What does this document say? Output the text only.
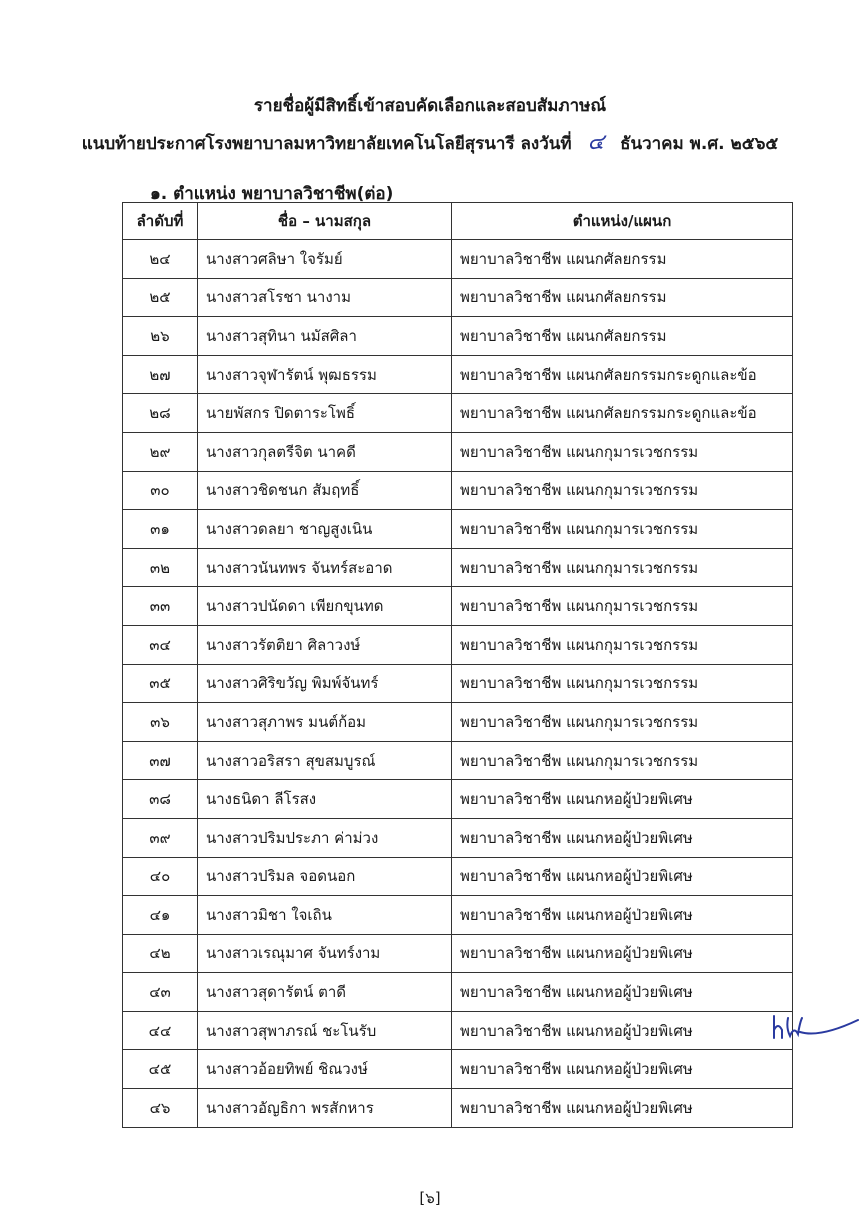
รายชื่อผู้มีสิทธิ์เข้าสอบคัดเลือกและสอบสัมภาษณ์
แนบท้ายประกาศโรงพยาบาลมหาวิทยาลัยเทคโนโลยีสุรนารี ลงวันที่ ๔ ธันวาคม พ.ศ. ๒๕๖๕
๑. ตำแหน่ง พยาบาลวิชาชีพ(ต่อ)
ลำดับที่	ชื่อ – นามสกุล	ตำแหน่ง/แผนก
๒๔	นางสาวศลิษา ใจรัมย์	พยาบาลวิชาชีพ แผนกศัลยกรรม
๒๕	นางสาวสโรชา นางาม	พยาบาลวิชาชีพ แผนกศัลยกรรม
๒๖	นางสาวสุทินา นมัสศิลา	พยาบาลวิชาชีพ แผนกศัลยกรรม
๒๗	นางสาวจุฬารัตน์ พุฒธรรม	พยาบาลวิชาชีพ แผนกศัลยกรรมกระดูกและข้อ
๒๘	นายพัสกร ปิดตาระโพธิ์	พยาบาลวิชาชีพ แผนกศัลยกรรมกระดูกและข้อ
๒๙	นางสาวกุลตรีจิต นาคดี	พยาบาลวิชาชีพ แผนกกุมารเวชกรรม
๓๐	นางสาวชิดชนก สัมฤทธิ์	พยาบาลวิชาชีพ แผนกกุมารเวชกรรม
๓๑	นางสาวดลยา ชาญสูงเนิน	พยาบาลวิชาชีพ แผนกกุมารเวชกรรม
๓๒	นางสาวนันทพร จันทร์สะอาด	พยาบาลวิชาชีพ แผนกกุมารเวชกรรม
๓๓	นางสาวปนัดดา เพียกขุนทด	พยาบาลวิชาชีพ แผนกกุมารเวชกรรม
๓๔	นางสาวรัตติยา ศิลาวงษ์	พยาบาลวิชาชีพ แผนกกุมารเวชกรรม
๓๕	นางสาวศิริขวัญ พิมพ์จันทร์	พยาบาลวิชาชีพ แผนกกุมารเวชกรรม
๓๖	นางสาวสุภาพร มนต์ก้อม	พยาบาลวิชาชีพ แผนกกุมารเวชกรรม
๓๗	นางสาวอริสรา สุขสมบูรณ์	พยาบาลวิชาชีพ แผนกกุมารเวชกรรม
๓๘	นางธนิดา ลีโรสง	พยาบาลวิชาชีพ แผนกหอผู้ป่วยพิเศษ
๓๙	นางสาวปริมประภา ค่าม่วง	พยาบาลวิชาชีพ แผนกหอผู้ป่วยพิเศษ
๔๐	นางสาวปริมล จอดนอก	พยาบาลวิชาชีพ แผนกหอผู้ป่วยพิเศษ
๔๑	นางสาวมิชา ใจเถิน	พยาบาลวิชาชีพ แผนกหอผู้ป่วยพิเศษ
๔๒	นางสาวเรณุมาศ จันทร์งาม	พยาบาลวิชาชีพ แผนกหอผู้ป่วยพิเศษ
๔๓	นางสาวสุดารัตน์ ตาดี	พยาบาลวิชาชีพ แผนกหอผู้ป่วยพิเศษ
๔๔	นางสาวสุพาภรณ์ ชะโนรับ	พยาบาลวิชาชีพ แผนกหอผู้ป่วยพิเศษ
๔๕	นางสาวอ้อยทิพย์ ชิณวงษ์	พยาบาลวิชาชีพ แผนกหอผู้ป่วยพิเศษ
๔๖	นางสาวอัญธิกา พรสักหาร	พยาบาลวิชาชีพ แผนกหอผู้ป่วยพิเศษ
[๖]
